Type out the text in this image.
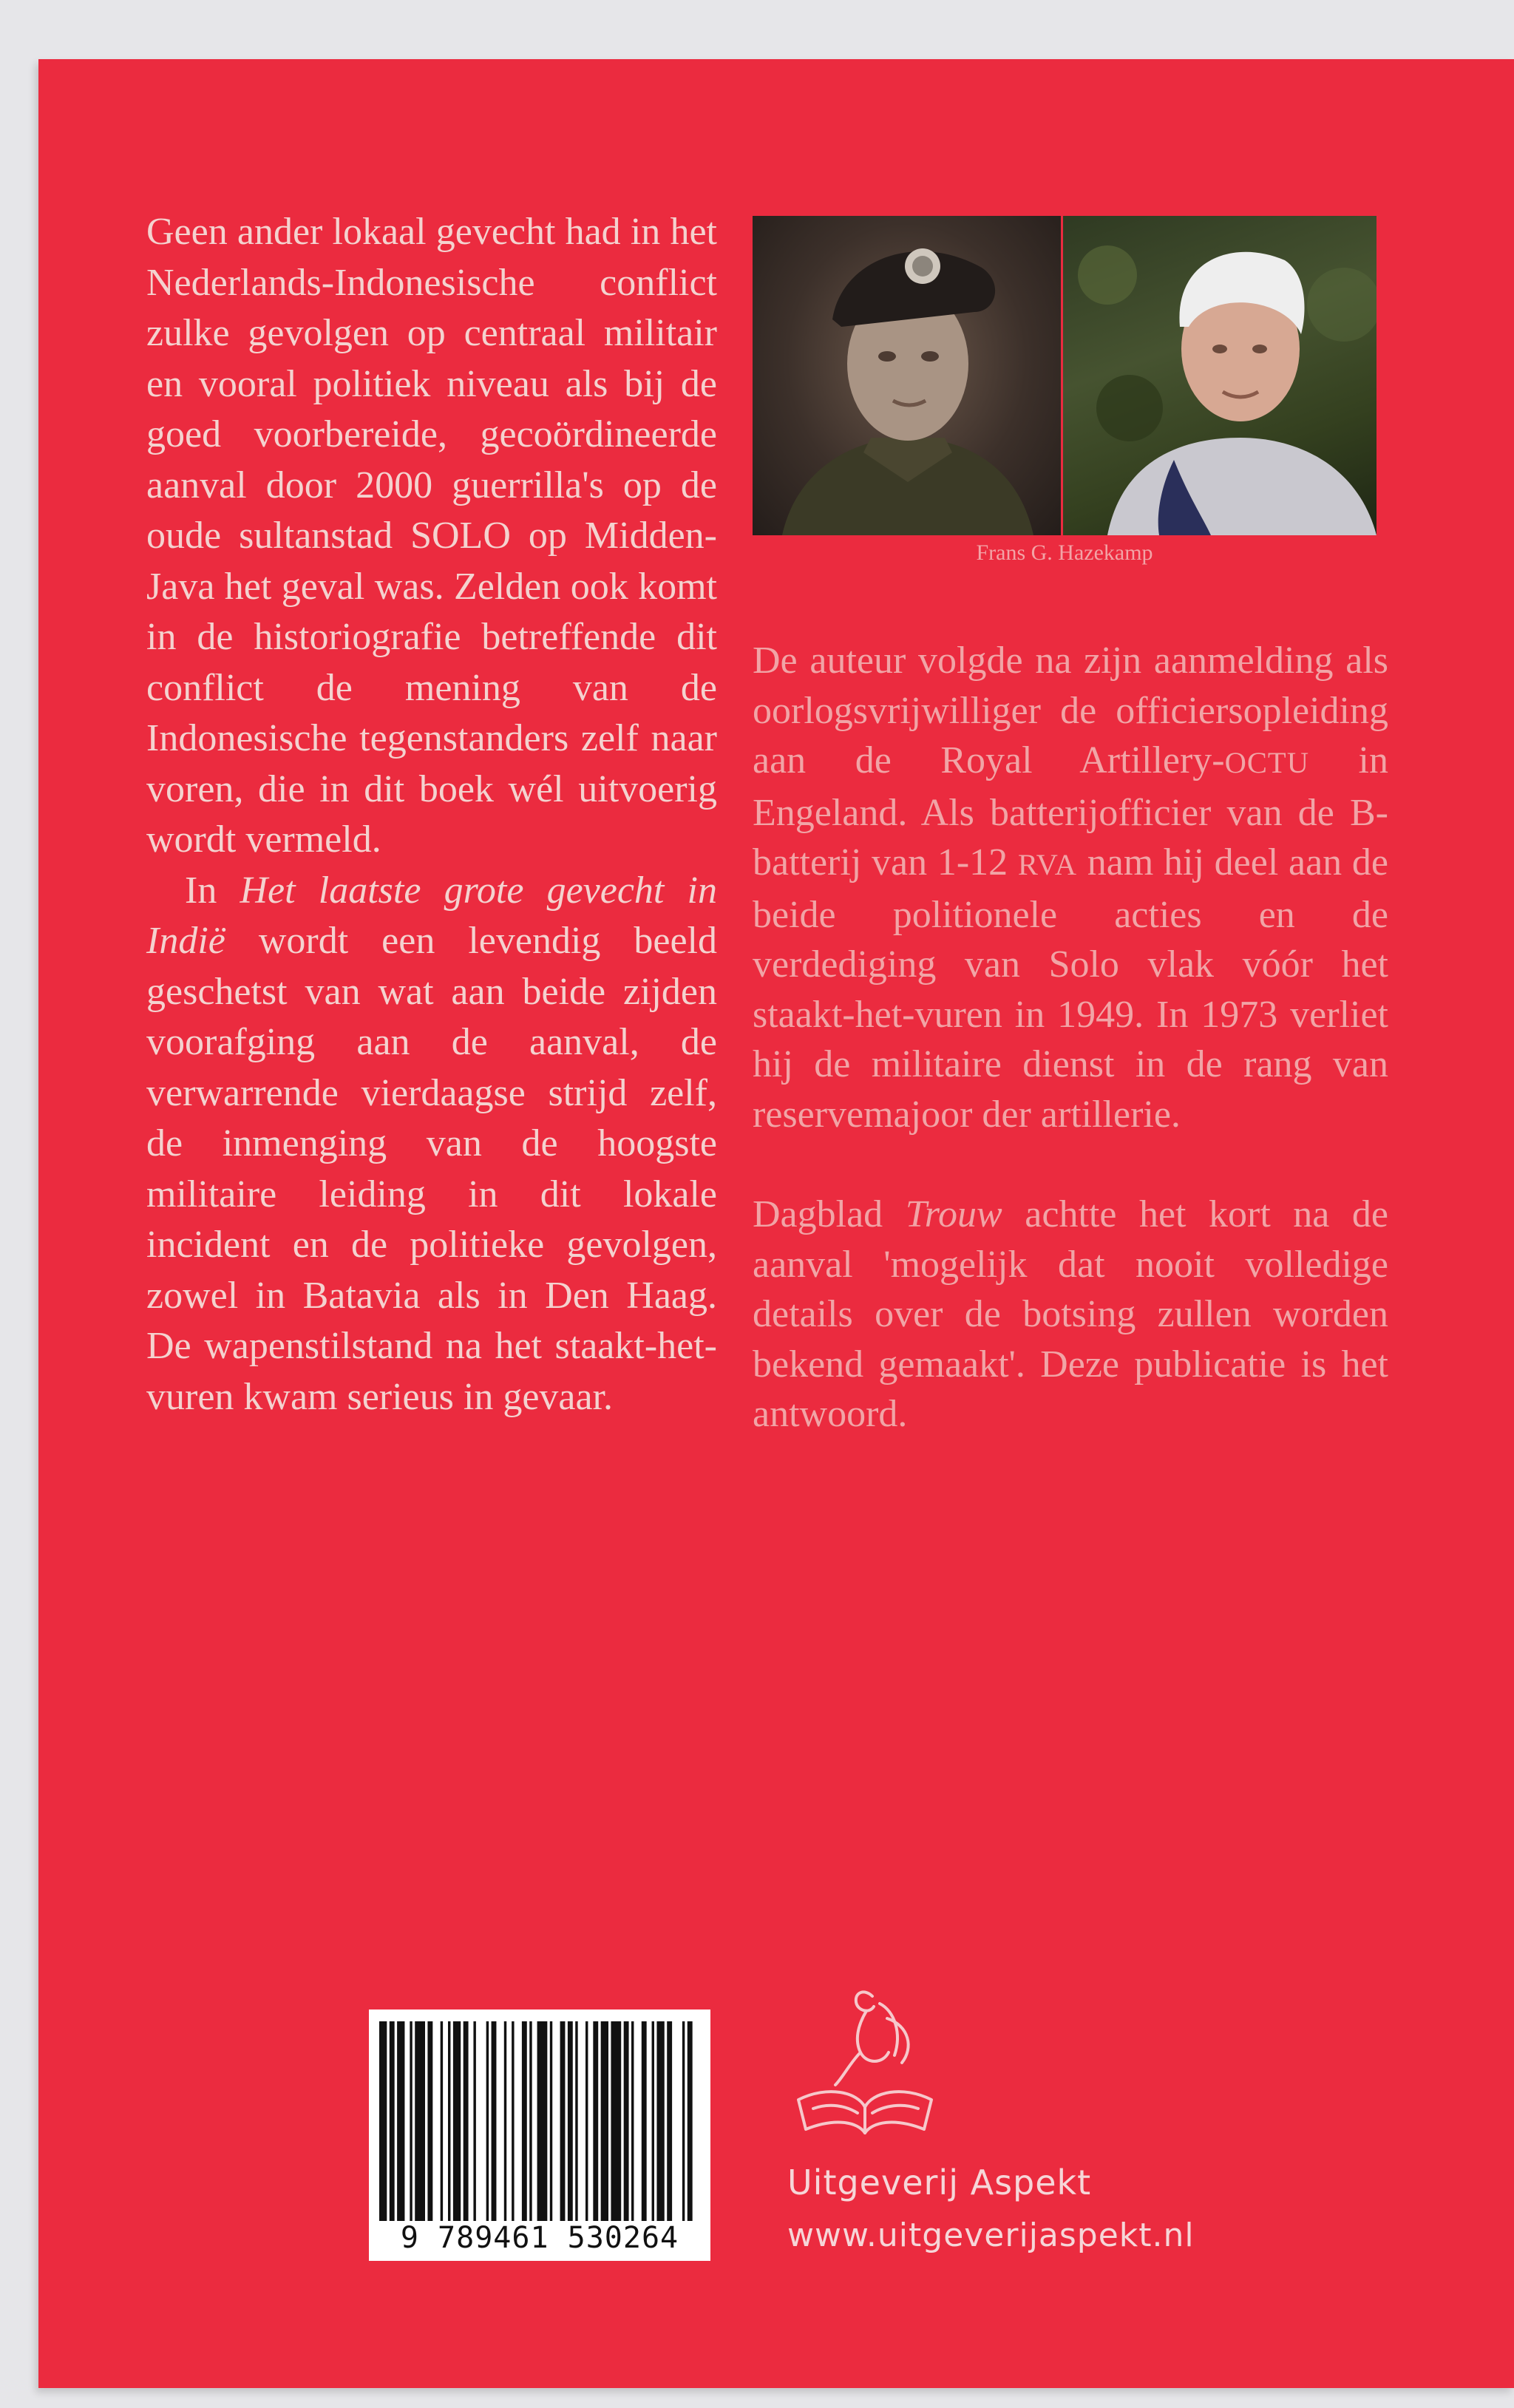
Geen ander lokaal gevecht had in het Nederlands-Indonesische conflict zulke gevolgen op centraal militair en vooral politiek niveau als bij de goed voorbereide, gecoördineerde aanval door 2000 guerrilla's op de oude sultanstad SOLO op Midden-Java het geval was. Zelden ook komt in de historiografie betreffende dit conflict de mening van de Indonesische tegenstanders zelf naar voren, die in dit boek wél uitvoerig wordt vermeld.

In Het laatste grote gevecht in Indië wordt een levendig beeld geschetst van wat aan beide zijden voorafging aan de aanval, de verwarrende vierdaagse strijd zelf, de inmenging van de hoogste militaire leiding in dit lokale incident en de politieke gevolgen, zowel in Batavia als in Den Haag. De wapenstilstand na het staakt-het-vuren kwam serieus in gevaar.

Frans G. Hazekamp

De auteur volgde na zijn aanmelding als oorlogsvrijwilliger de officiersopleiding aan de Royal Artillery-OCTU in Engeland. Als batterijofficier van de B-batterij van 1-12 RVA nam hij deel aan de beide politionele acties en de verdediging van Solo vlak vóór het staakt-het-vuren in 1949. In 1973 verliet hij de militaire dienst in de rang van reservemajoor der artillerie.

Dagblad Trouw achtte het kort na de aanval 'mogelijk dat nooit volledige details over de botsing zullen worden bekend gemaakt'. Deze publicatie is het antwoord.

9 789461 530264
Uitgeverij Aspekt
www.uitgeverijaspekt.nl
